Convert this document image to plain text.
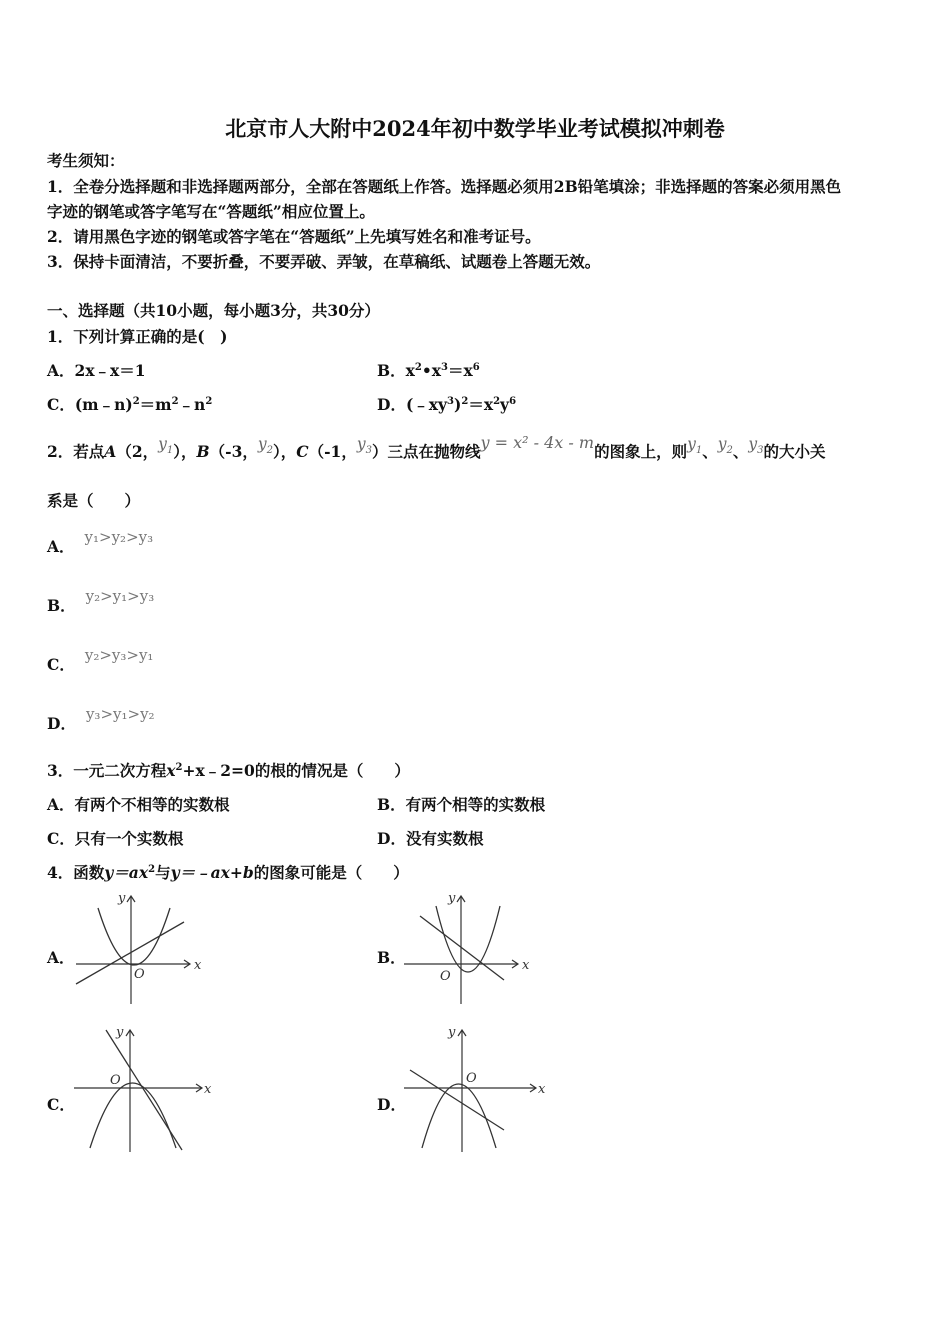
北京市人大附中2024年初中数学毕业考试模拟冲刺卷
考生须知：
1．全卷分选择题和非选择题两部分，全部在答题纸上作答。选择题必须用2B铅笔填涂；非选择题的答案必须用黑色
字迹的钢笔或答字笔写在“答题纸”相应位置上。
2．请用黑色字迹的钢笔或答字笔在“答题纸”上先填写姓名和准考证号。
3．保持卡面清洁，不要折叠，不要弄破、弄皱，在草稿纸、试题卷上答题无效。
一、选择题（共10小题，每小题3分，共30分）
1．下列计算正确的是(　)
A．2x﹣x＝1	B．$x^2•x^3=x^6$
C．$(m﹣n)^2=m^2﹣n^2$	D．$(﹣xy^3)^2=x^2y^6$
2．若点A（2，$y_1$），B（-3，$y_2$），C（-1，$y_3$）三点在抛物线y = x² - 4x - m的图象上，则$y_1$、$y_2$、$y_3$的大小关
系是（　　）
A． y₁>y₂>y₃
B． y₂>y₁>y₃
C． y₂>y₃>y₁
D． y₃>y₁>y₂
3．一元二次方程$x^2+x﹣2=0$的根的情况是（　　）
A．有两个不相等的实数根	B．有两个相等的实数根
C．只有一个实数根	D．没有实数根
4．函数$y=ax^2$与y＝﹣ax+b的图象可能是（　　）
A．	B．
C．	D．
x
y
O
x
y
O
x
y
O
x
y
O
